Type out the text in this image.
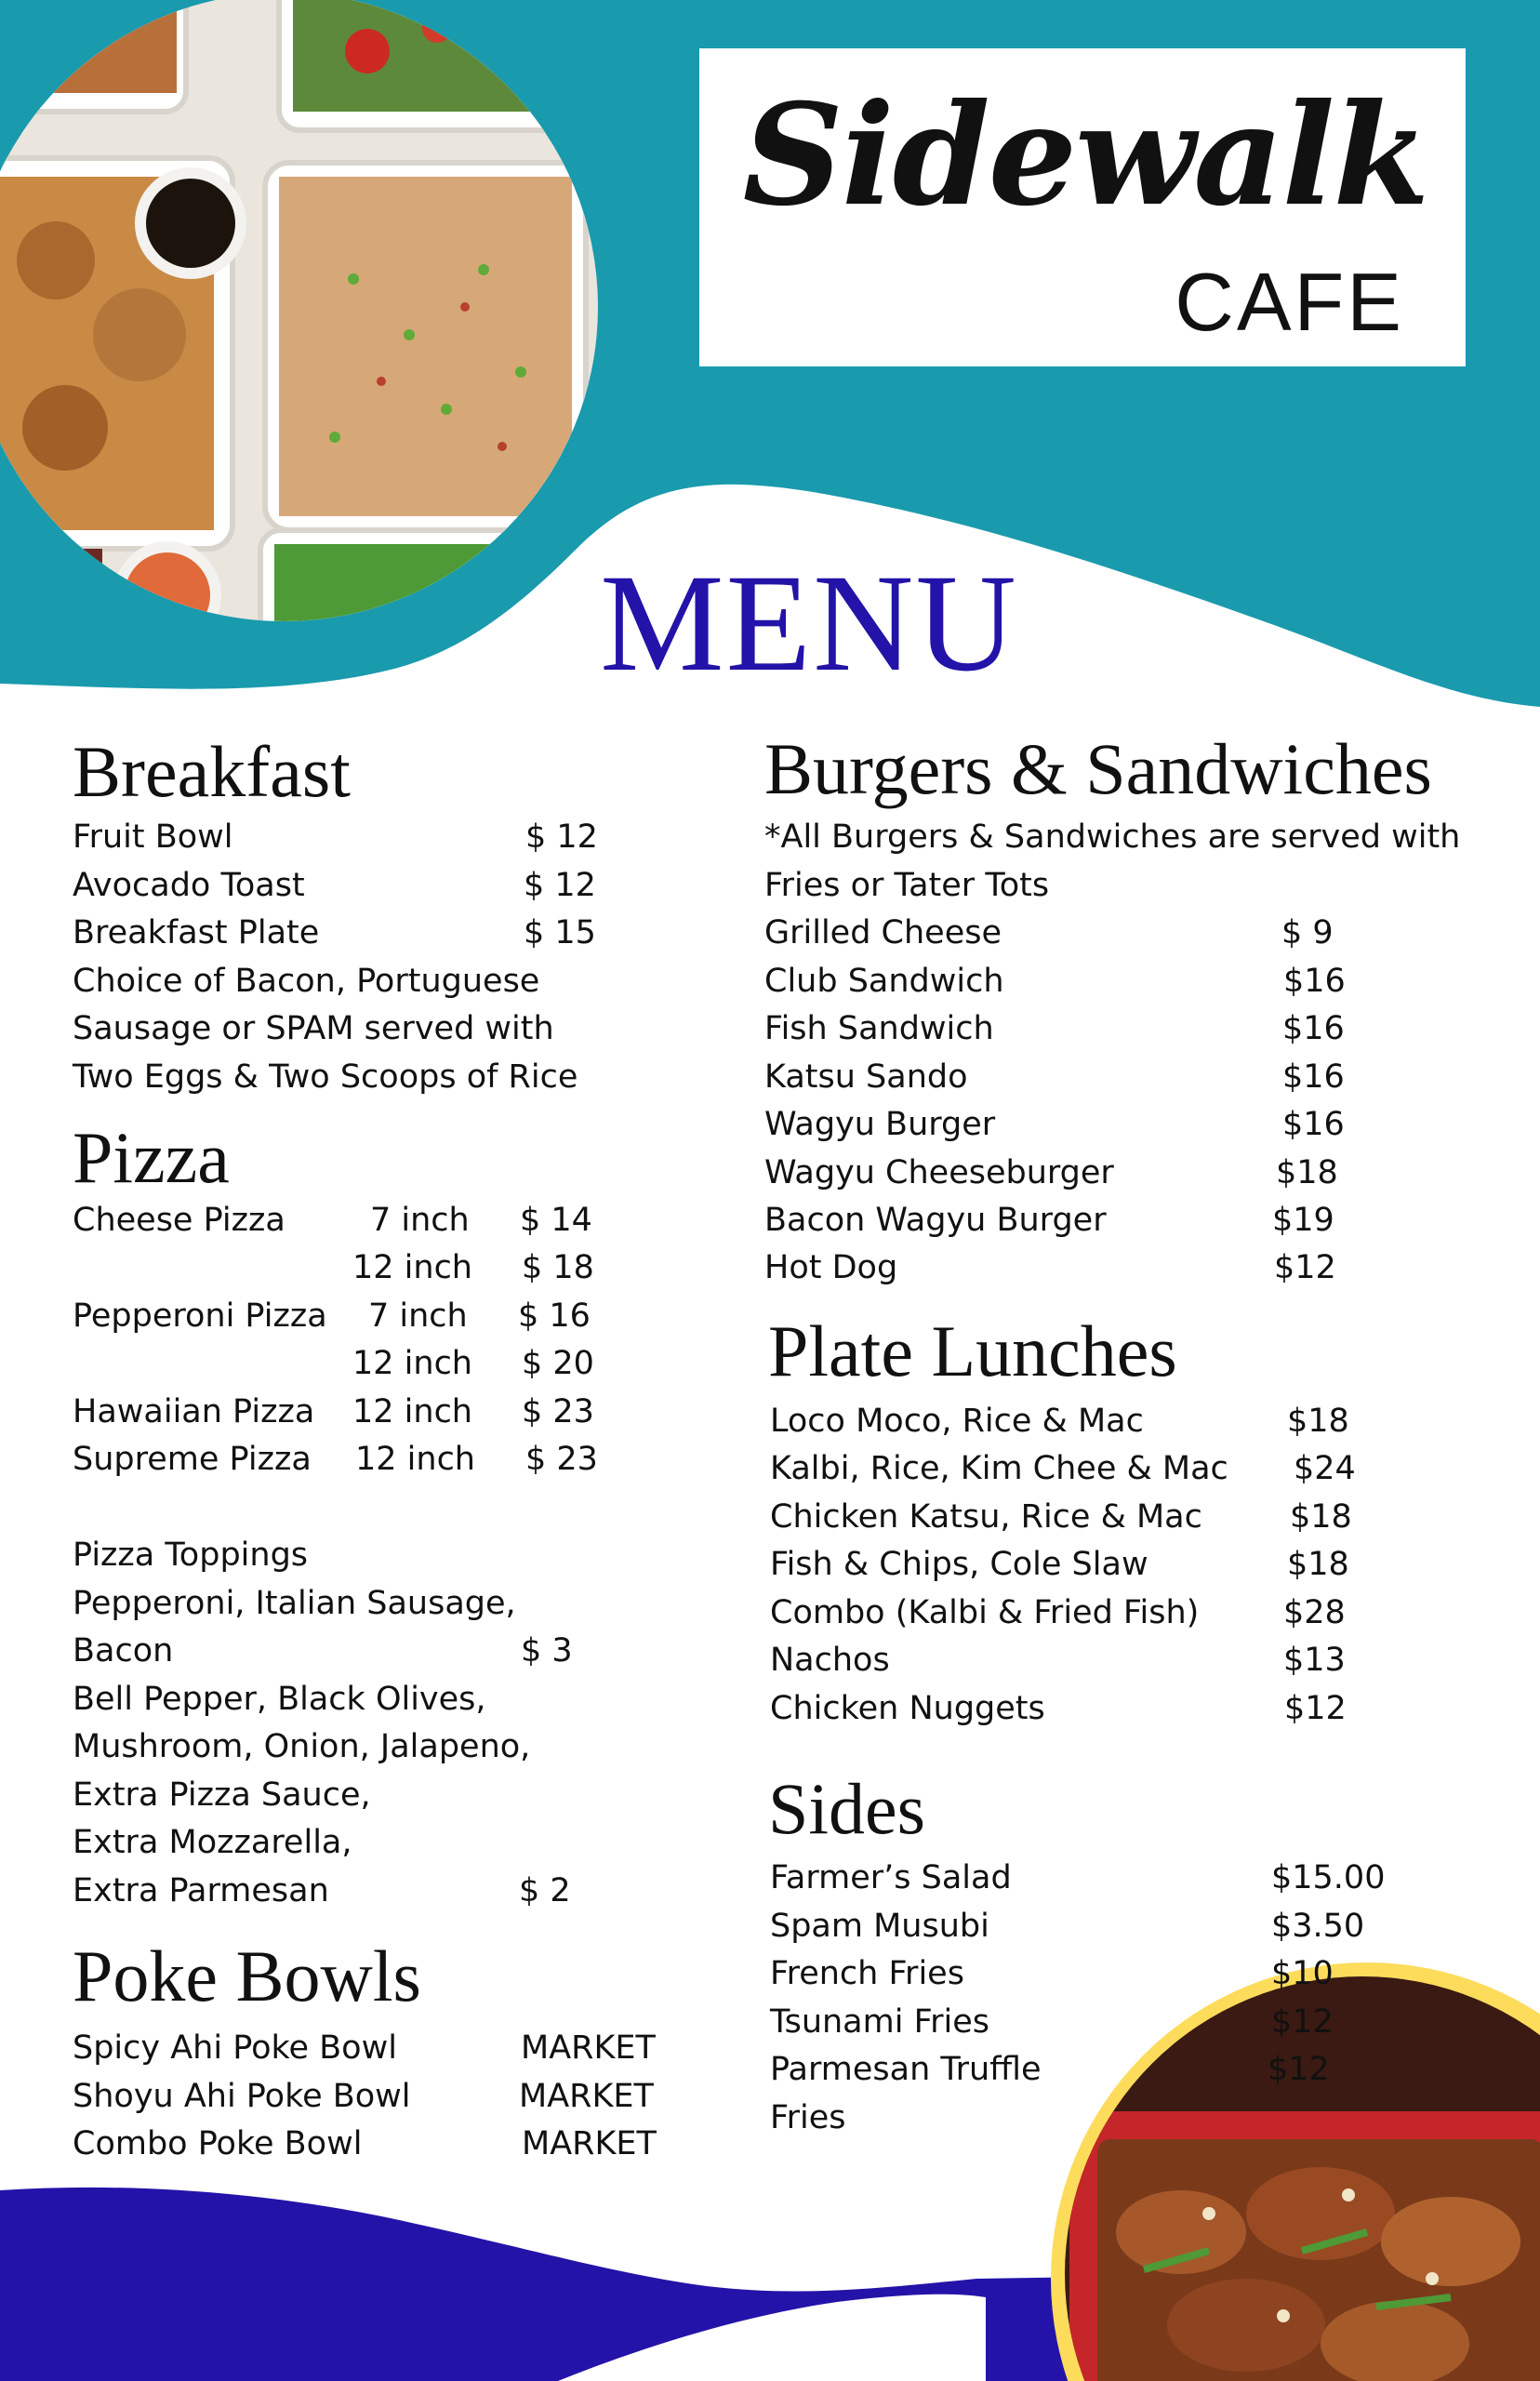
Sidewalk
CAFE
MENU
Breakfast
Fruit Bowl	$ 12
Avocado Toast	$ 12
Breakfast Plate	$ 15
Choice of Bacon, Portuguese
Sausage or SPAM served with
Two Eggs & Two Scoops of Rice
Pizza
Cheese Pizza	7 inch $ 14
12 inch $ 18
Pepperoni Pizza 7 inch $ 16
12 inch $ 20
Hawaiian Pizza 12 inch $ 23
Supreme Pizza 12 inch $ 23
Pizza Toppings
Pepperoni, Italian Sausage,
Bacon	$ 3
Bell Pepper, Black Olives,
Mushroom, Onion, Jalapeno,
Extra Pizza Sauce,
Extra Mozzarella,
Extra Parmesan	$ 2
Poke Bowls
Spicy Ahi Poke Bowl	MARKET
Shoyu Ahi Poke Bowl	MARKET
Combo Poke Bowl	MARKET
Burgers & Sandwiches
*All Burgers & Sandwiches are served with
Fries or Tater Tots
Grilled Cheese	$ 9
Club Sandwich	$16
Fish Sandwich	$16
Katsu Sando	$16
Wagyu Burger	$16
Wagyu Cheeseburger	$18
Bacon Wagyu Burger	$19
Hot Dog	$12
Plate Lunches
Loco Moco, Rice & Mac	$18
Kalbi, Rice, Kim Chee & Mac $24
Chicken Katsu, Rice & Mac	$18
Fish & Chips, Cole Slaw	$18
Combo (Kalbi & Fried Fish)	$28
Nachos	$13
Chicken Nuggets	$12
Sides
Farmer’s Salad	$15.00
Spam Musubi	$3.50
French Fries	$10
Tsunami Fries	$12
Parmesan Truffle	$12
Fries
